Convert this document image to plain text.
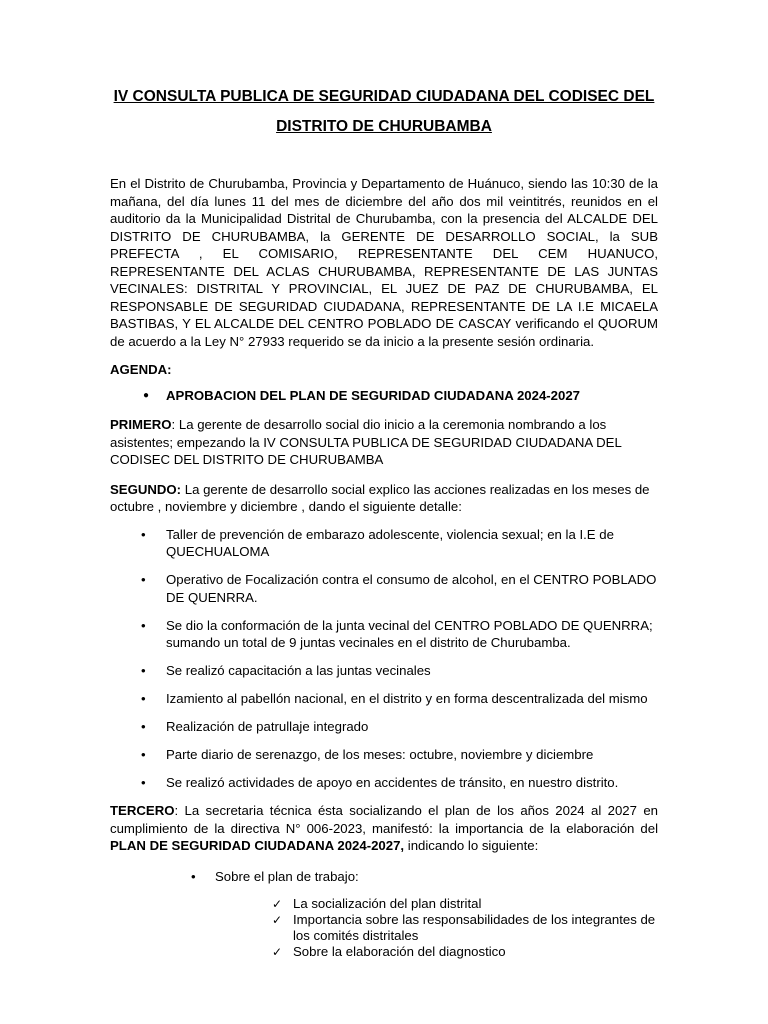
IV CONSULTA PUBLICA DE SEGURIDAD CIUDADANA DEL CODISEC DEL
DISTRITO DE CHURUBAMBA

En el Distrito de Churubamba, Provincia y Departamento de Huánuco, siendo las 10:30 de la mañana, del día lunes 11 del mes de diciembre del año dos mil veintitrés, reunidos en el auditorio da la Municipalidad Distrital de Churubamba, con la presencia del ALCALDE DEL DISTRITO DE CHURUBAMBA, la GERENTE DE DESARROLLO SOCIAL, la SUB PREFECTA , EL COMISARIO, REPRESENTANTE DEL CEM HUANUCO, REPRESENTANTE DEL ACLAS CHURUBAMBA, REPRESENTANTE DE LAS JUNTAS VECINALES: DISTRITAL Y PROVINCIAL, EL JUEZ DE PAZ DE CHURUBAMBA, EL RESPONSABLE DE SEGURIDAD CIUDADANA, REPRESENTANTE DE LA I.E MICAELA BASTIBAS, Y EL ALCALDE DEL CENTRO POBLADO DE CASCAY verificando el QUORUM de acuerdo a la Ley N° 27933 requerido se da inicio a la presente sesión ordinaria.

AGENDA:

● APROBACION DEL PLAN DE SEGURIDAD CIUDADANA 2024-2027

PRIMERO: La gerente de desarrollo social dio inicio a la ceremonia nombrando a los asistentes; empezando la IV CONSULTA PUBLICA DE SEGURIDAD CIUDADANA DEL CODISEC DEL DISTRITO DE CHURUBAMBA

SEGUNDO: La gerente de desarrollo social explico las acciones realizadas en los meses de octubre , noviembre y diciembre , dando el siguiente detalle:

• Taller de prevención de embarazo adolescente, violencia sexual; en la I.E de QUECHUALOMA
• Operativo de Focalización contra el consumo de alcohol, en el CENTRO POBLADO DE QUENRRA.
• Se dio la conformación de la junta vecinal del CENTRO POBLADO DE QUENRRA; sumando un total de 9 juntas vecinales en el distrito de Churubamba.
• Se realizó capacitación a las juntas vecinales
• Izamiento al pabellón nacional, en el distrito y en forma descentralizada del mismo
• Realización de patrullaje integrado
• Parte diario de serenazgo, de los meses: octubre, noviembre y diciembre
• Se realizó actividades de apoyo en accidentes de tránsito, en nuestro distrito.

TERCERO: La secretaria técnica ésta socializando el plan de los años 2024 al 2027 en cumplimiento de la directiva N° 006-2023, manifestó: la importancia de la elaboración del PLAN DE SEGURIDAD CIUDADANA 2024-2027, indicando lo siguiente:

• Sobre el plan de trabajo:
✓ La socialización del plan distrital
✓ Importancia sobre las responsabilidades de los integrantes de los comités distritales
✓ Sobre la elaboración del diagnostico
